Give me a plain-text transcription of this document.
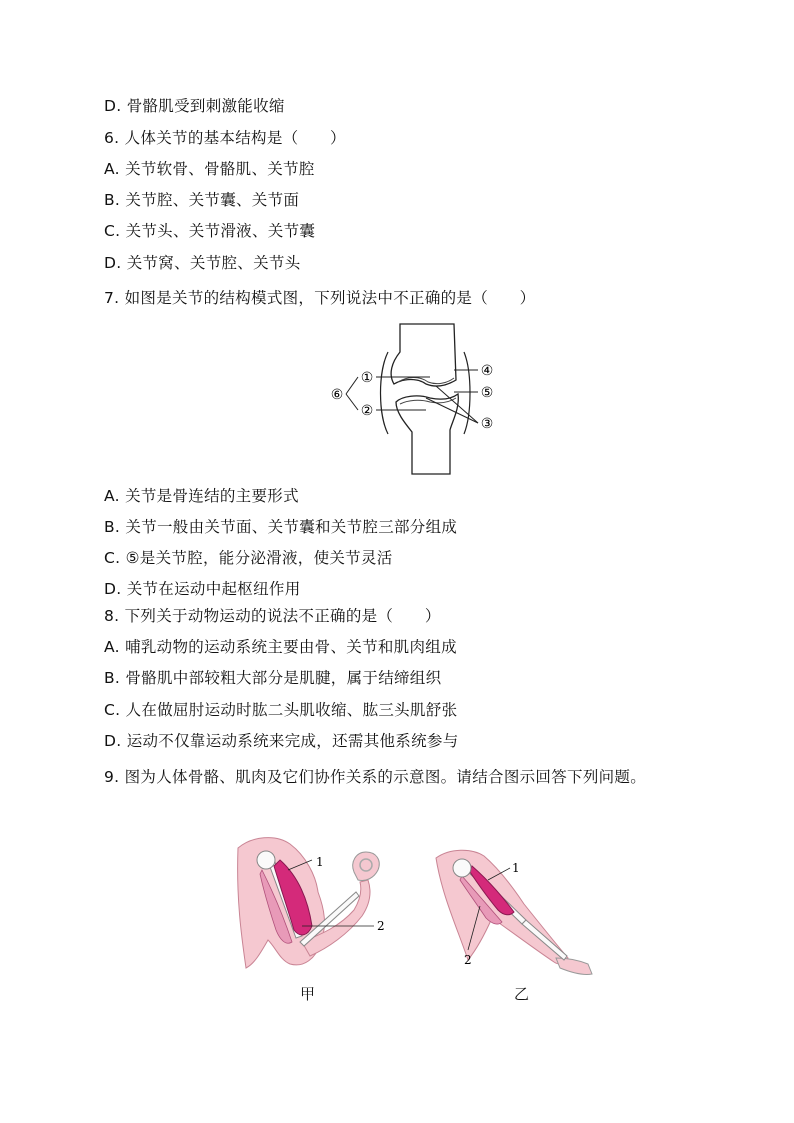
D. 骨骼肌受到刺激能收缩
6. 人体关节的基本结构是（　　）
A. 关节软骨、骨骼肌、关节腔
B. 关节腔、关节囊、关节面
C. 关节头、关节滑液、关节囊
D. 关节窝、关节腔、关节头
7. 如图是关节的结构模式图，下列说法中不正确的是（　　）
①
②
③
④
⑤
⑥
A. 关节是骨连结的主要形式
B. 关节一般由关节面、关节囊和关节腔三部分组成
C. ⑤是关节腔，能分泌滑液，使关节灵活
D. 关节在运动中起枢纽作用
8. 下列关于动物运动的说法不正确的是（　　）
A. 哺乳动物的运动系统主要由骨、关节和肌肉组成
B. 骨骼肌中部较粗大部分是肌腱，属于结缔组织
C. 人在做屈肘运动时肱二头肌收缩、肱三头肌舒张
D. 运动不仅靠运动系统来完成，还需其他系统参与
9. 图为人体骨骼、肌肉及它们协作关系的示意图。请结合图示回答下列问题。
1
2
甲
1
2
乙
